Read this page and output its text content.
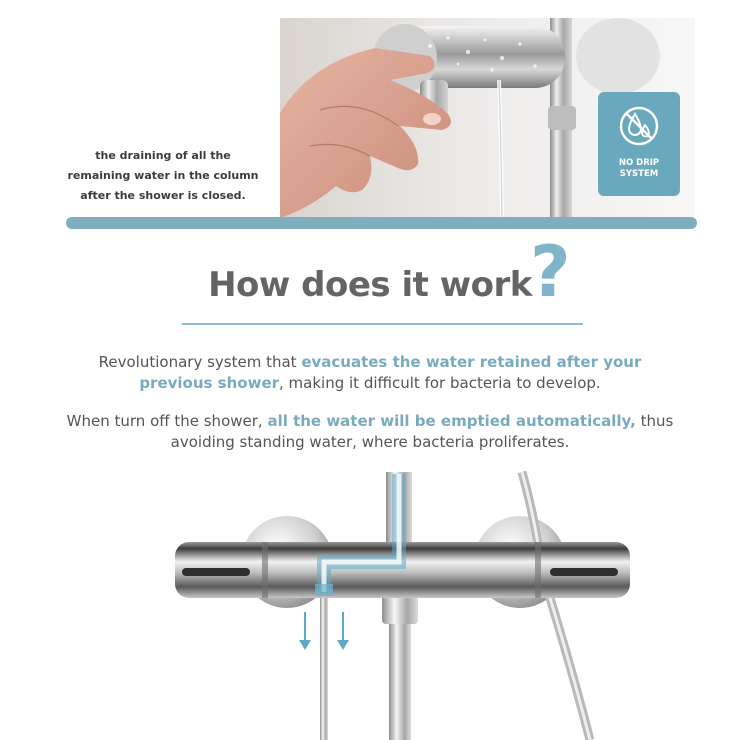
the draining of all the
remaining water in the column
after the shower is closed.

NO DRIP
SYSTEM

How does it work

?

Revolutionary system that evacuates the water retained after your previous shower, making it difficult for bacteria to develop.

When turn off the shower, all the water will be emptied automatically, thus avoiding standing water, where bacteria proliferates.
